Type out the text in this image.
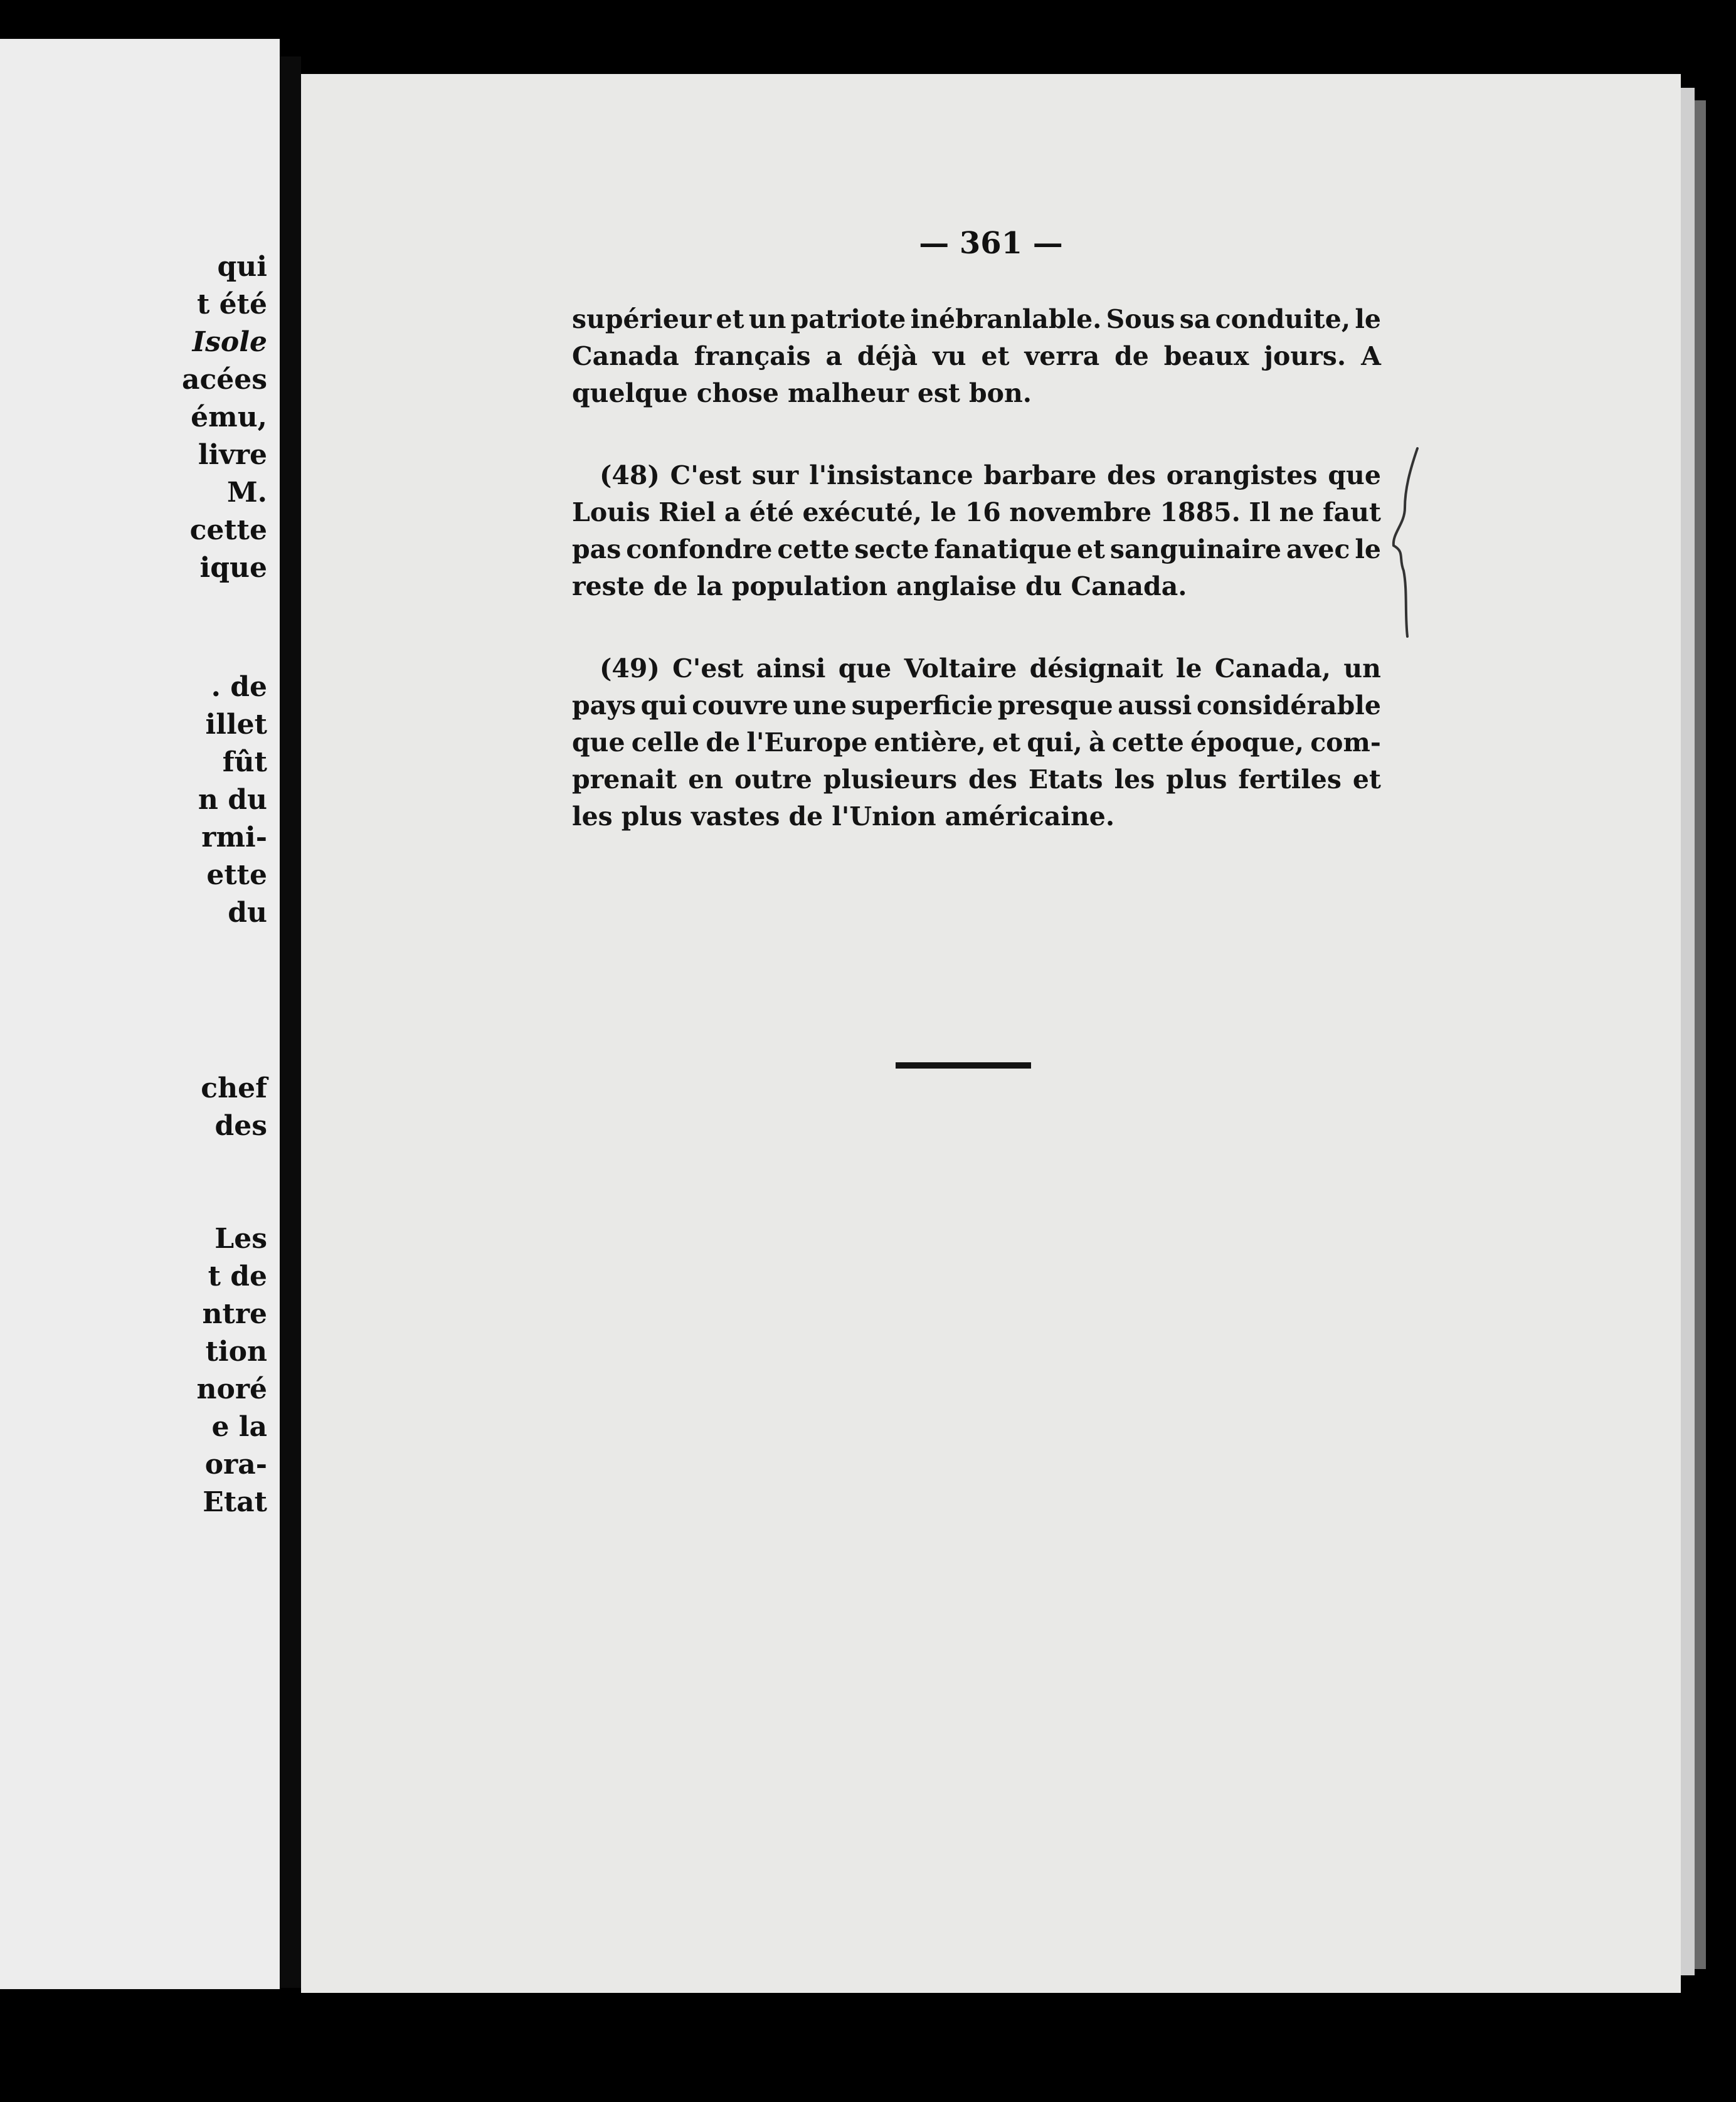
qui
t été
Isole
acées
ému,
livre
M.
cette
ique
. de
illet
fût
n du
rmi-
ette
du
chef
des
Les
t de
ntre
tion
noré
e la
ora-
Etat
— 361 —
supérieur et un patriote inébranlable. Sous sa conduite, le
Canada français a déjà vu et verra de beaux jours. A
quelque chose malheur est bon.
(48) C'est sur l'insistance barbare des orangistes que
Louis Riel a été exécuté, le 16 novembre 1885. Il ne faut
pas confondre cette secte fanatique et sanguinaire avec le
reste de la population anglaise du Canada.
(49) C'est ainsi que Voltaire désignait le Canada, un
pays qui couvre une superficie presque aussi considérable
que celle de l'Europe entière, et qui, à cette époque, com-
prenait en outre plusieurs des Etats les plus fertiles et
les plus vastes de l'Union américaine.
